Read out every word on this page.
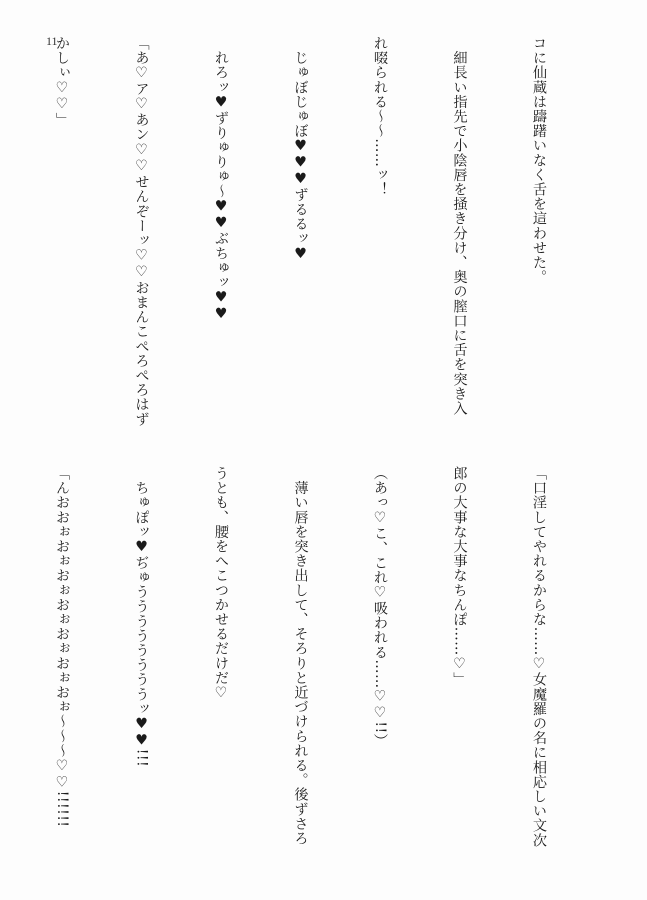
11

	コに仙蔵は躊躇いなく舌を這わせた。

　細長い指先で小陰唇を掻き分け、奥の膣口に舌を突き入

れ啜られる〜〜……ッ！

　じゅぼじゅぼ♥♥♥ずるるッ♥

　れろッ♥ずりゅりゅ〜♥♥ぶちゅッ♥♥

「あ♡ア♡あン♡♡せんぞーッ♡♡おまんこぺろぺろはず

かしぃ♡♡」

「口淫してやれるからな……♡女魔羅の名に相応しい文次

郎の大事な大事なちんぽ……♡」

（あっ♡こ、これ♡吸われる……♡♡!!）

　薄い唇を突き出して、そろりと近づけられる。後ずさろ

うとも、腰をへこつかせるだけだ♡

　ちゅぽッ♥ぢゅううううううううッ♥♥!!!

「んおおぉおぉおぉおぉおぉおぉおぉ〜〜〜♡♡!!!!!!
